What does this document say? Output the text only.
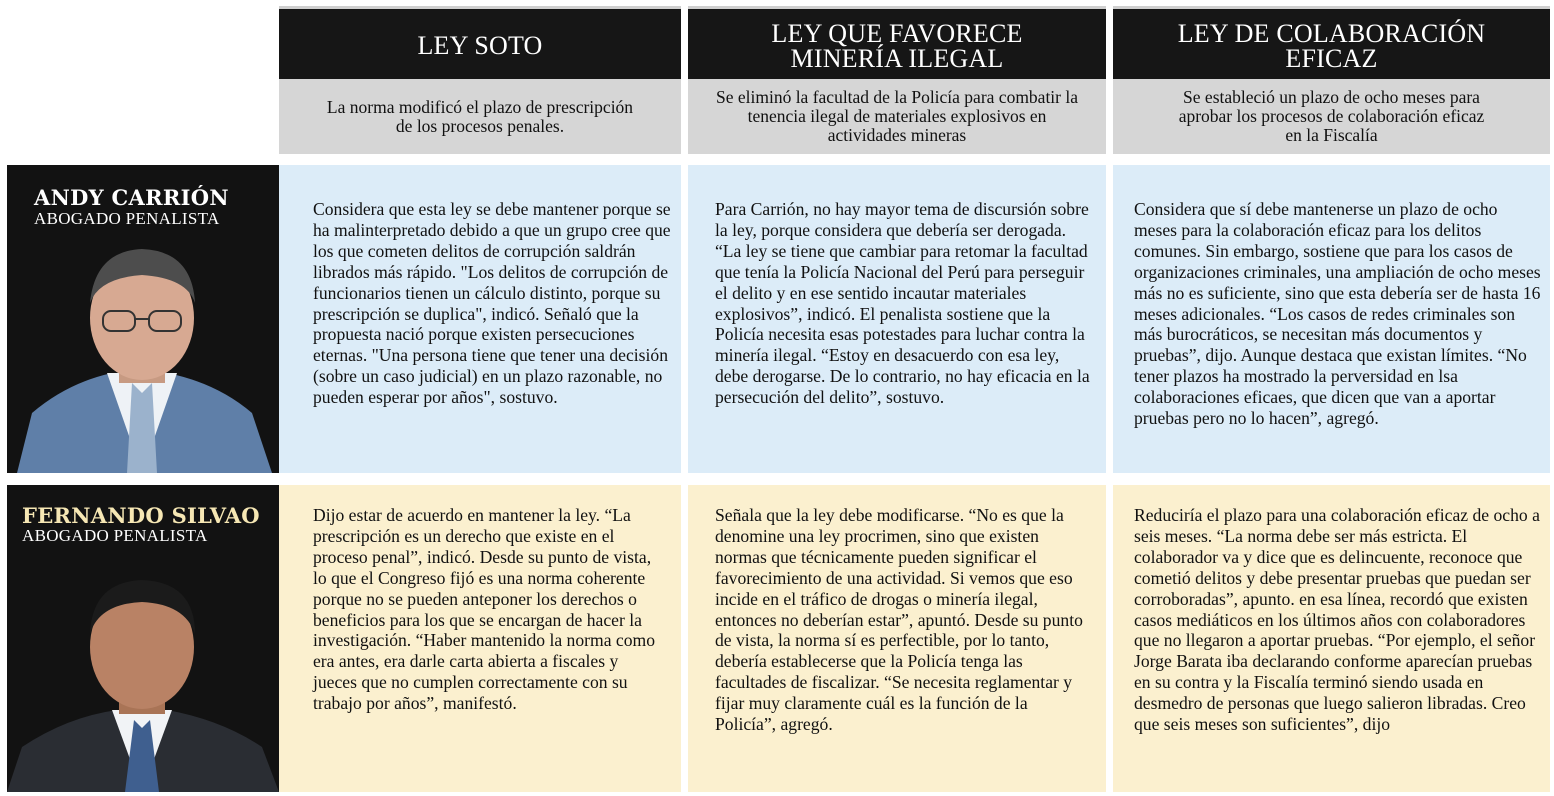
LEY SOTO	LEY QUE FAVORECE
MINERÍA ILEGAL
LEY DE COLABORACIÓN
EFICAZ
La norma modificó el plazo de prescripción de los procesos penales.
Se eliminó la facultad de la Policía para combatir la tenencia ilegal de materiales explosivos en actividades mineras
Se estableció un plazo de ocho meses para aprobar los procesos de colaboración eficaz en la Fiscalía
ANDY CARRIÓN
ABOGADO PENALISTA
FERNANDO SILVAO
ABOGADO PENALISTA
Considera que esta ley se debe mantener porque se ha malinterpretado debido a que un grupo cree que los que cometen delitos de corrupción saldrán librados más rápido. "Los delitos de corrupción de funcionarios tienen un cálculo distinto, porque su prescripción se duplica", indicó. Señaló que la propuesta nació porque existen persecuciones eternas. "Una persona tiene que tener una decisión (sobre un caso judicial) en un plazo razonable, no pueden esperar por años", sostuvo.
Para Carrión, no hay mayor tema de discursión sobre la ley, porque considera que debería ser derogada. “La ley se tiene que cambiar para retomar la facultad que tenía la Policía Nacional del Perú para perseguir el delito y en ese sentido incautar materiales explosivos”, indicó. El penalista sostiene que la Policía necesita esas potestades para luchar contra la minería ilegal. “Estoy en desacuerdo con esa ley, debe derogarse. De lo contrario, no hay eficacia en la persecución del delito”, sostuvo.
Considera que sí debe mantenerse un plazo de ocho meses para la colaboración eficaz para los delitos comunes. Sin embargo, sostiene que para los casos de organizaciones criminales, una ampliación de ocho meses más no es suficiente, sino que esta debería ser de hasta 16 meses adicionales. “Los casos de redes criminales son más burocráticos, se necesitan más documentos y pruebas”, dijo. Aunque destaca que existan límites. “No tener plazos ha mostrado la perversidad en lsa colaboraciones eficaes, que dicen que van a aportar pruebas pero no lo hacen”, agregó.
Dijo estar de acuerdo en mantener la ley. “La prescripción es un derecho que existe en el proceso penal”, indicó. Desde su punto de vista, lo que el Congreso fijó es una norma coherente porque no se pueden anteponer los derechos o beneficios para los que se encargan de hacer la investigación. “Haber mantenido la norma como era antes, era darle carta abierta a fiscales y jueces que no cumplen correctamente con su trabajo por años”, manifestó.
Señala que la ley debe modificarse. “No es que la denomine una ley procrimen, sino que existen normas que técnicamente pueden significar el favorecimiento de una actividad. Si vemos que eso incide en el tráfico de drogas o minería ilegal, entonces no deberían estar”, apuntó. Desde su punto de vista, la norma sí es perfectible, por lo tanto, debería establecerse que la Policía tenga las facultades de fiscalizar. “Se necesita reglamentar y fijar muy claramente cuál es la función de la Policía”, agregó.
Reduciría el plazo para una colaboración eficaz de ocho a seis meses. “La norma debe ser más estricta. El colaborador va y dice que es delincuente, reconoce que cometió delitos y debe presentar pruebas que puedan ser corroboradas”, apunto. en esa línea, recordó que existen casos mediáticos en los últimos años con colaboradores que no llegaron a aportar pruebas. “Por ejemplo, el señor Jorge Barata iba declarando conforme aparecían pruebas en su contra y la Fiscalía terminó siendo usada en desmedro de personas que luego salieron libradas. Creo que seis meses son suficientes”, dijo
